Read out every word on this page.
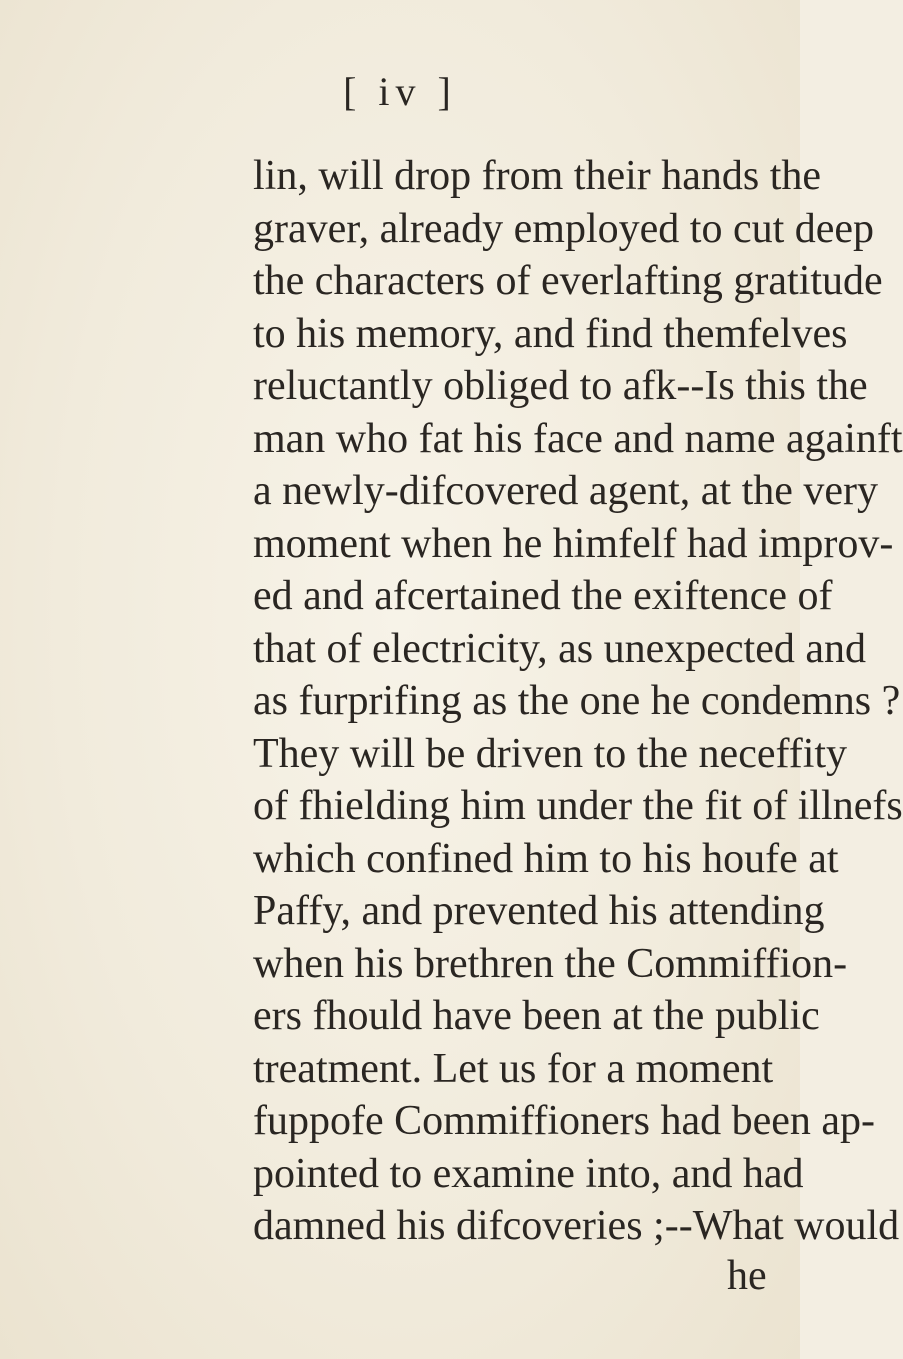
[ iv ]
lin, will drop from their hands the
graver, already employed to cut deep
the characters of everlafting gratitude
to his memory, and find themfelves
reluctantly obliged to afk--Is this the
man who fat his face and name againft
a newly-difcovered agent, at the very
moment when he himfelf had improv-
ed and afcertained the exiftence of
that of electricity, as unexpected and
as furprifing as the one he condemns ?
They will be driven to the neceffity
of fhielding him under the fit of illnefs
which confined him to his houfe at
Paffy, and prevented his attending
when his brethren the Commiffion-
ers fhould have been at the public
treatment. Let us for a moment
fuppofe Commiffioners had been ap-
pointed to examine into, and had
damned his difcoveries ;--What would
he
